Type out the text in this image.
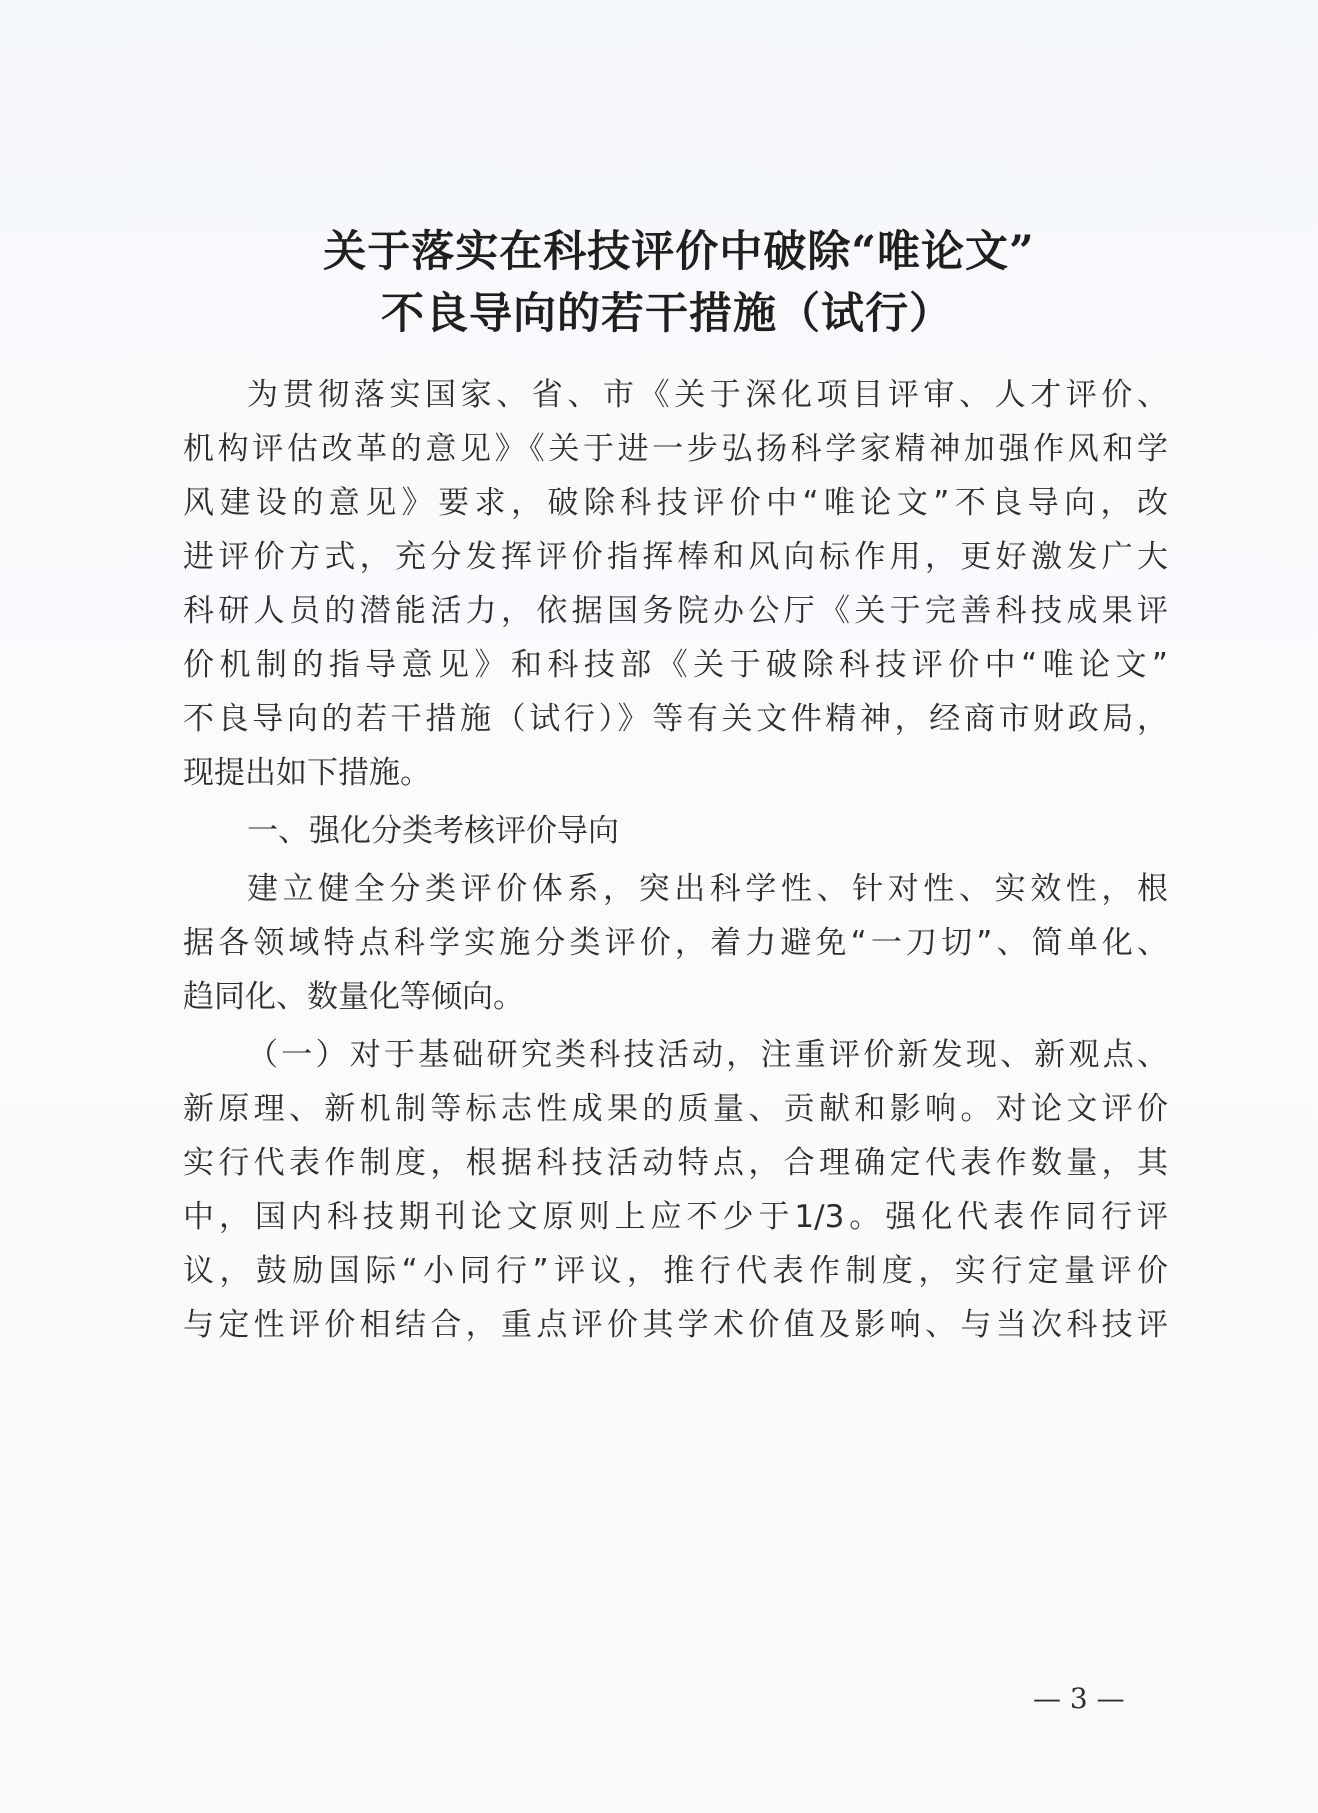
关于落实在科技评价中破除“唯论文”
不良导向的若干措施（试行）
为贯彻落实国家、省、市《关于深化项目评审、人才评价、
机构评估改革的意见》《关于进一步弘扬科学家精神加强作风和学
风建设的意见》要求，破除科技评价中“唯论文”不良导向，改
进评价方式，充分发挥评价指挥棒和风向标作用，更好激发广大
科研人员的潜能活力，依据国务院办公厅《关于完善科技成果评
价机制的指导意见》和科技部《关于破除科技评价中“唯论文”
不良导向的若干措施（试行）》等有关文件精神，经商市财政局，
现提出如下措施。
一、强化分类考核评价导向
建立健全分类评价体系，突出科学性、针对性、实效性，根
据各领域特点科学实施分类评价，着力避免“一刀切”、简单化、
趋同化、数量化等倾向。
（一）对于基础研究类科技活动，注重评价新发现、新观点、
新原理、新机制等标志性成果的质量、贡献和影响。对论文评价
实行代表作制度，根据科技活动特点，合理确定代表作数量，其
中，国内科技期刊论文原则上应不少于1/3。强化代表作同行评
议，鼓励国际“小同行”评议，推行代表作制度，实行定量评价
与定性评价相结合，重点评价其学术价值及影响、与当次科技评
— 3 —
